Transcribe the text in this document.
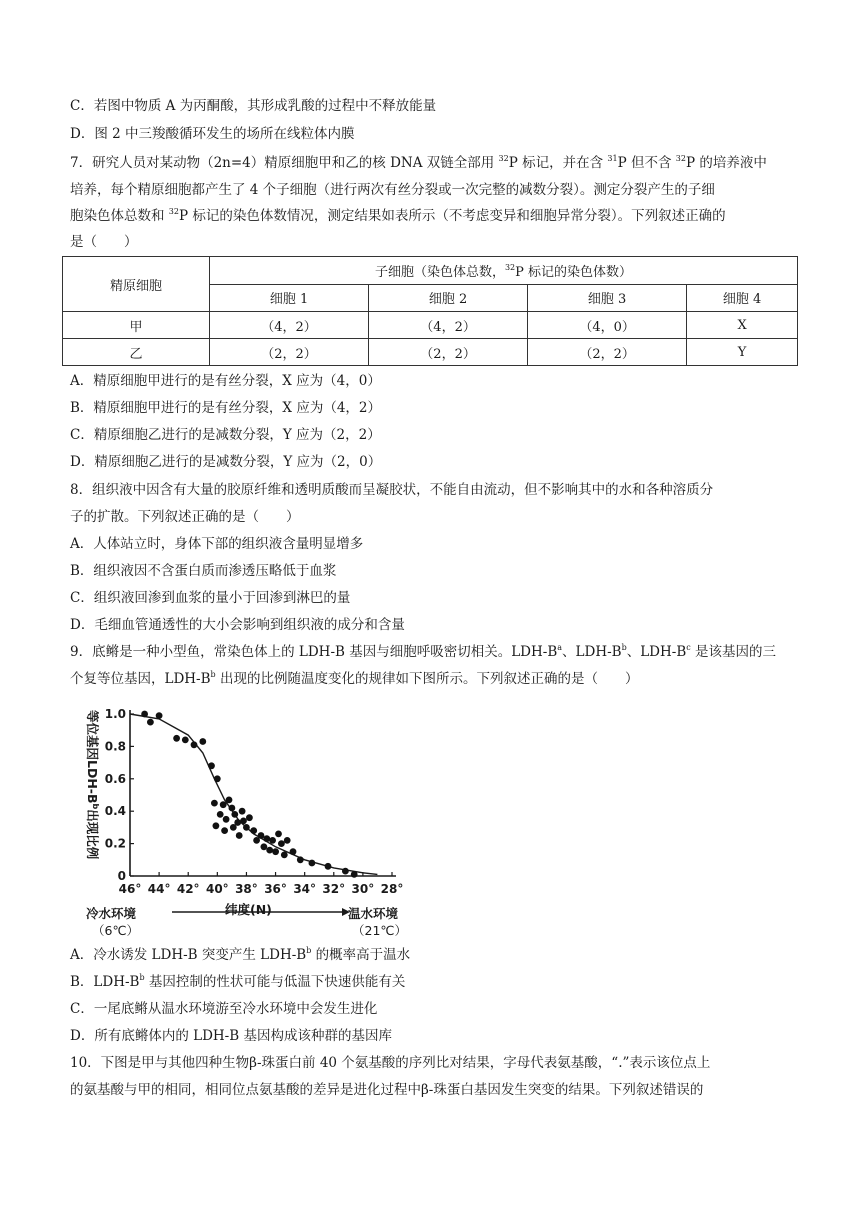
C．若图中物质 A 为丙酮酸，其形成乳酸的过程中不释放能量
D．图 2 中三羧酸循环发生的场所在线粒体内膜
7．研究人员对某动物（2n=4）精原细胞甲和乙的核 DNA 双链全部用 $^{32}$P 标记，并在含 $^{31}$P 但不含 $^{32}$P 的培养液中
培养，每个精原细胞都产生了 4 个子细胞（进行两次有丝分裂或一次完整的减数分裂）。测定分裂产生的子细
胞染色体总数和 $^{32}$P 标记的染色体数情况，测定结果如表所示（不考虑变异和细胞异常分裂）。下列叙述正确的
是（　　）
精原细胞	子细胞（染色体总数，$^{32}$P 标记的染色体数）			
	细胞 1	细胞 2	细胞 3	细胞 4
甲	（4，2）	（4，2）	（4，0）	X
乙	（2，2）	（2，2）	（2，2）	Y
A．精原细胞甲进行的是有丝分裂，X 应为（4，0）
B．精原细胞甲进行的是有丝分裂，X 应为（4，2）
C．精原细胞乙进行的是减数分裂，Y 应为（2，2）
D．精原细胞乙进行的是减数分裂，Y 应为（2，0）
8．组织液中因含有大量的胶原纤维和透明质酸而呈凝胶状，不能自由流动，但不影响其中的水和各种溶质分
子的扩散。下列叙述正确的是（　　）
A．人体站立时，身体下部的组织液含量明显增多
B．组织液因不含蛋白质而渗透压略低于血浆
C．组织液回渗到血浆的量小于回渗到淋巴的量
D．毛细血管通透性的大小会影响到组织液的成分和含量
9．底鳉是一种小型鱼，常染色体上的 LDH-B 基因与细胞呼吸密切相关。LDH-$B^a$、LDH-$B^b$、LDH-$B^c$ 是该基因的三
个复等位基因，LDH-$B^b$ 出现的比例随温度变化的规律如下图所示。下列叙述正确的是（　　）
等位基因LDH-$B^b$出现比例
1.0
0.8
0.6
0.4
0.2
0
46° 44° 42° 40° 38° 36° 34° 32° 30° 28°
冷水环境
（6℃）
纬度(N)	温水环境
（21℃）
A．冷水诱发 LDH-B 突变产生 LDH-$B^b$ 的概率高于温水
B．LDH-$B^b$ 基因控制的性状可能与低温下快速供能有关
C．一尾底鳉从温水环境游至冷水环境中会发生进化
D．所有底鳉体内的 LDH-B 基因构成该种群的基因库
10．下图是甲与其他四种生物β-珠蛋白前 40 个氨基酸的序列比对结果，字母代表氨基酸，“.”表示该位点上
的氨基酸与甲的相同，相同位点氨基酸的差异是进化过程中β-珠蛋白基因发生突变的结果。下列叙述错误的
